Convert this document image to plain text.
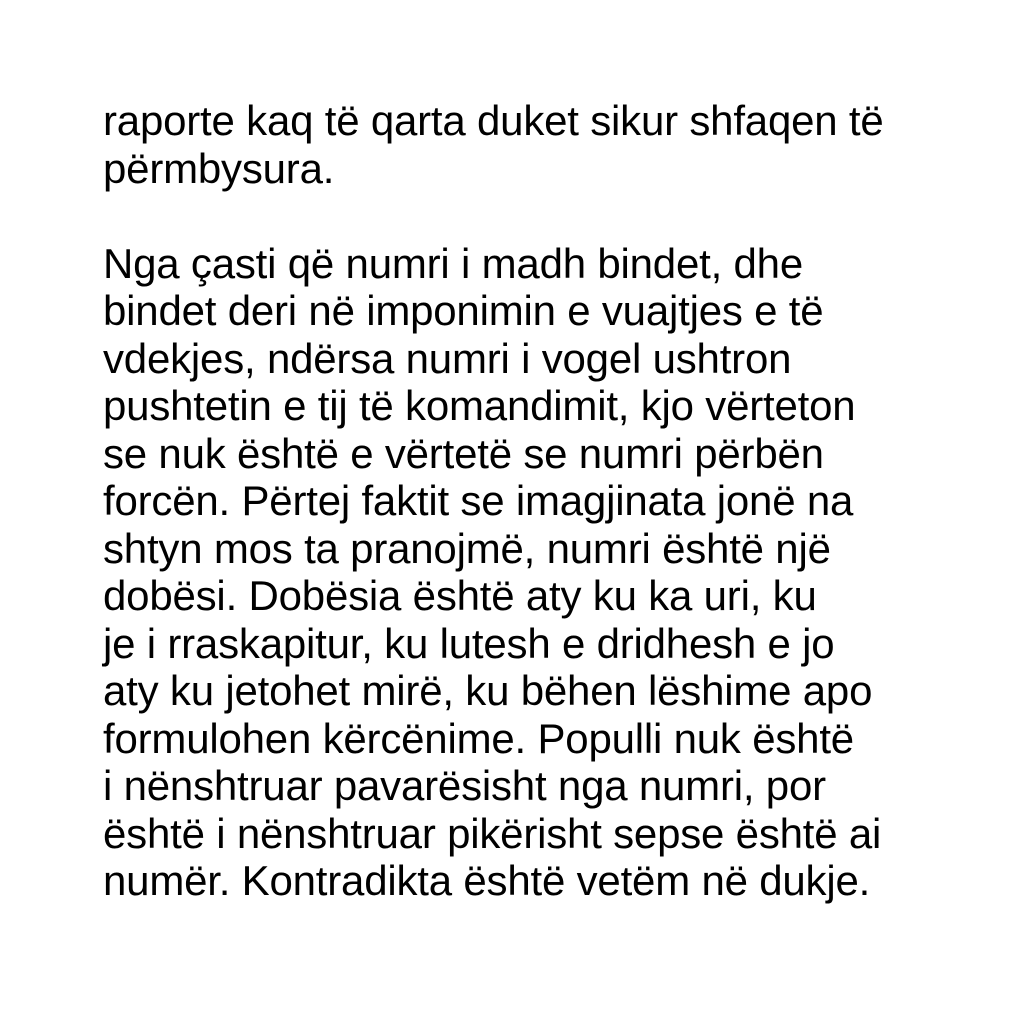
raporte kaq të qarta duket sikur shfaqen të
përmbysura.
Nga çasti që numri i madh bindet, dhe
bindet deri në imponimin e vuajtjes e të
vdekjes, ndërsa numri i vogel ushtron
pushtetin e tij të komandimit, kjo vërteton
se nuk është e vërtetë se numri përbën
forcën. Përtej faktit se imagjinata jonë na
shtyn mos ta pranojmë, numri është një
dobësi. Dobësia është aty ku ka uri, ku
je i rraskapitur, ku lutesh e dridhesh e jo
aty ku jetohet mirë, ku bëhen lëshime apo
formulohen kërcënime. Populli nuk është
i nënshtruar pavarësisht nga numri, por
është i nënshtruar pikërisht sepse është ai
numër. Kontradikta është vetëm në dukje.
